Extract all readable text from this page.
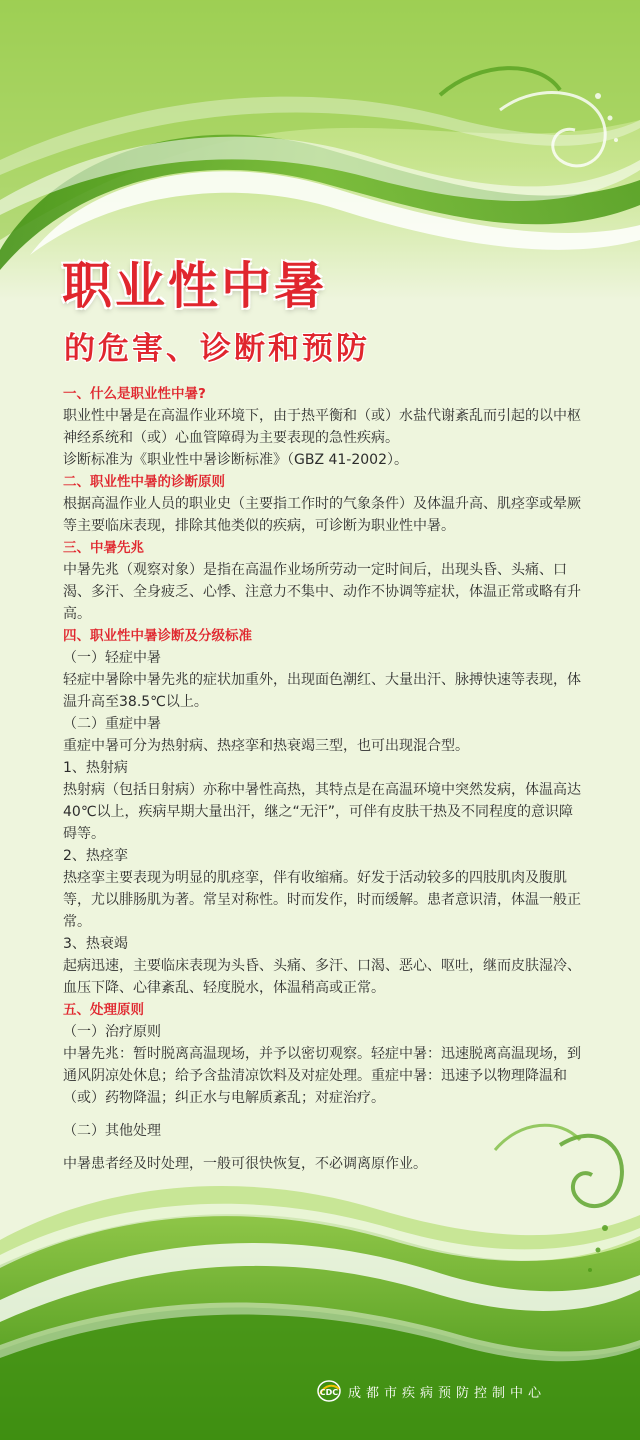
职业性中暑
的危害、诊断和预防

一、什么是职业性中暑?

职业性中暑是在高温作业环境下，由于热平衡和（或）水盐代谢紊乱而引起的以中枢神经系统和（或）心血管障碍为主要表现的急性疾病。

诊断标准为《职业性中暑诊断标准》（GBZ 41-2002）。

二、职业性中暑的诊断原则

根据高温作业人员的职业史（主要指工作时的气象条件）及体温升高、肌痉挛或晕厥等主要临床表现，排除其他类似的疾病，可诊断为职业性中暑。

三、中暑先兆

中暑先兆（观察对象）是指在高温作业场所劳动一定时间后，出现头昏、头痛、口渴、多汗、全身疲乏、心悸、注意力不集中、动作不协调等症状，体温正常或略有升高。

四、职业性中暑诊断及分级标准

（一）轻症中暑

轻症中暑除中暑先兆的症状加重外，出现面色潮红、大量出汗、脉搏快速等表现，体温升高至38.5℃以上。

（二）重症中暑

重症中暑可分为热射病、热痉挛和热衰竭三型，也可出现混合型。

1、热射病

热射病（包括日射病）亦称中暑性高热，其特点是在高温环境中突然发病，体温高达40℃以上，疾病早期大量出汗，继之“无汗”，可伴有皮肤干热及不同程度的意识障碍等。

2、热痉挛

热痉挛主要表现为明显的肌痉挛，伴有收缩痛。好发于活动较多的四肢肌肉及腹肌等，尤以腓肠肌为著。常呈对称性。时而发作，时而缓解。患者意识清，体温一般正常。

3、热衰竭

起病迅速，主要临床表现为头昏、头痛、多汗、口渴、恶心、呕吐，继而皮肤湿冷、血压下降、心律紊乱、轻度脱水，体温稍高或正常。

五、处理原则

（一）治疗原则

中暑先兆：暂时脱离高温现场，并予以密切观察。轻症中暑：迅速脱离高温现场，到通风阴凉处休息；给予含盐清凉饮料及对症处理。重症中暑：迅速予以物理降温和（或）药物降温；纠正水与电解质紊乱；对症治疗。

（二）其他处理

中暑患者经及时处理，一般可很快恢复，不必调离原作业。

CDC 成都市疾病预防控制中心
